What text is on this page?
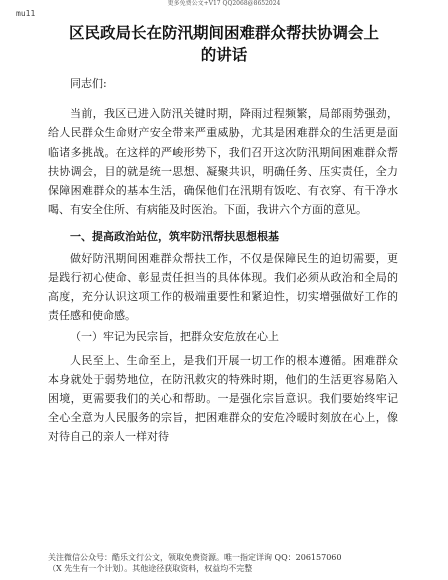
更多免费公文+V17 QQ2068@8652024
mu11
区民政局长在防汛期间困难群众帮扶协调会上
的讲话

同志们:

当前，我区已进入防汛关键时期，降雨过程频繁，局部雨势强劲，给人民群众生命财产安全带来严重威胁，尤其是困难群众的生活更是面临诸多挑战。在这样的严峻形势下，我们召开这次防汛期间困难群众帮扶协调会，目的就是统一思想、凝聚共识，明确任务、压实责任，全力保障困难群众的基本生活，确保他们在汛期有饭吃、有衣穿、有干净水喝、有安全住所、有病能及时医治。下面，我讲六个方面的意见。

一、提高政治站位，筑牢防汛帮扶思想根基

做好防汛期间困难群众帮扶工作，不仅是保障民生的迫切需要，更是践行初心使命、彰显责任担当的具体体现。我们必须从政治和全局的高度，充分认识这项工作的极端重要性和紧迫性，切实增强做好工作的责任感和使命感。

（一）牢记为民宗旨，把群众安危放在心上

人民至上、生命至上，是我们开展一切工作的根本遵循。困难群众本身就处于弱势地位，在防汛救灾的特殊时期，他们的生活更容易陷入困境，更需要我们的关心和帮助。一是强化宗旨意识。我们要始终牢记全心全意为人民服务的宗旨，把困难群众的安危冷暖时刻放在心上，像对待自己的亲人一样对待

关注微信公众号：酷乐文行公文，领取免费资源。唯一指定详询 QQ：206157060
（X 先生有一个计划）。其他途径获取资料，权益均不完整
